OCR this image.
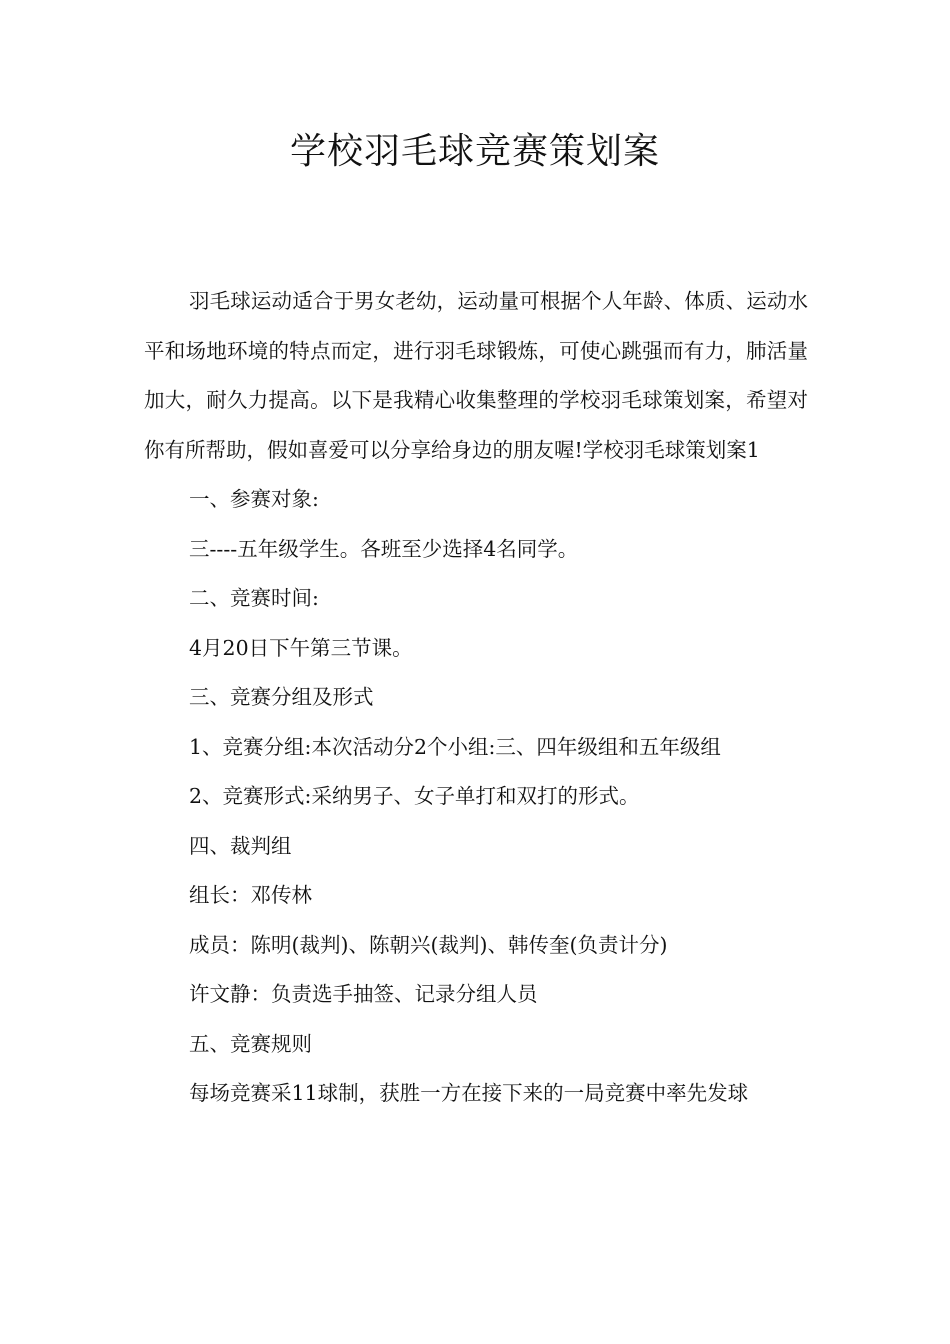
学校羽毛球竞赛策划案

羽毛球运动适合于男女老幼，运动量可根据个人年龄、体质、运动水平和场地环境的特点而定，进行羽毛球锻炼，可使心跳强而有力，肺活量加大，耐久力提高。以下是我精心收集整理的学校羽毛球策划案，希望对你有所帮助，假如喜爱可以分享给身边的朋友喔!学校羽毛球策划案1

一、参赛对象:

三----五年级学生。各班至少选择4名同学。

二、竞赛时间:

4月20日下午第三节课。

三、竞赛分组及形式

1、竞赛分组:本次活动分2个小组:三、四年级组和五年级组

2、竞赛形式:采纳男子、女子单打和双打的形式。

四、裁判组

组长：邓传林

成员：陈明(裁判)、陈朝兴(裁判)、韩传奎(负责计分)

许文静：负责选手抽签、记录分组人员

五、竞赛规则

每场竞赛采11球制，获胜一方在接下来的一局竞赛中率先发球
